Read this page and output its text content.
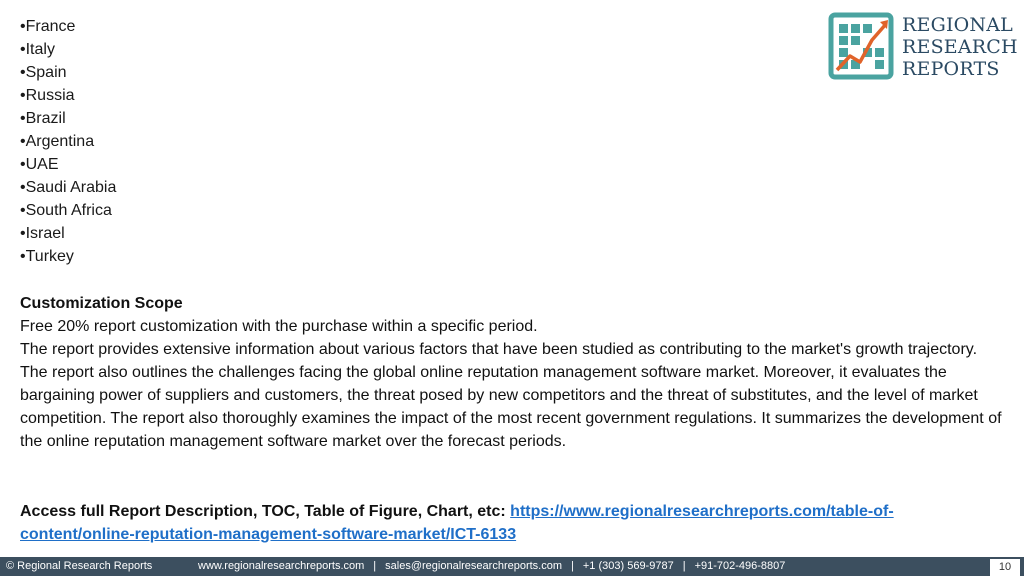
• France
• Italy
• Spain
• Russia
• Brazil
• Argentina
• UAE
• Saudi Arabia
• South Africa
• Israel
• Turkey
REGIONAL
RESEARCH
REPORTS

Customization Scope

Free 20% report customization with the purchase within a specific period.

The report provides extensive information about various factors that have been studied as contributing to the market's growth trajectory. The report also outlines the challenges facing the global online reputation management software market. Moreover, it evaluates the bargaining power of suppliers and customers, the threat posed by new competitors and the threat of substitutes, and the level of market competition. The report also thoroughly examines the impact of the most recent government regulations. It summarizes the development of the online reputation management software market over the forecast periods.

Access full Report Description, TOC, Table of Figure, Chart, etc: https://www.regionalresearchreports.com/table-of-content/online-reputation-management-software-market/ICT-6133
© Regional Research Reports	www.regionalresearchreports.com | sales@regionalresearchreports.com | +1 (303) 569-9787 | +91-702-496-8807	10
